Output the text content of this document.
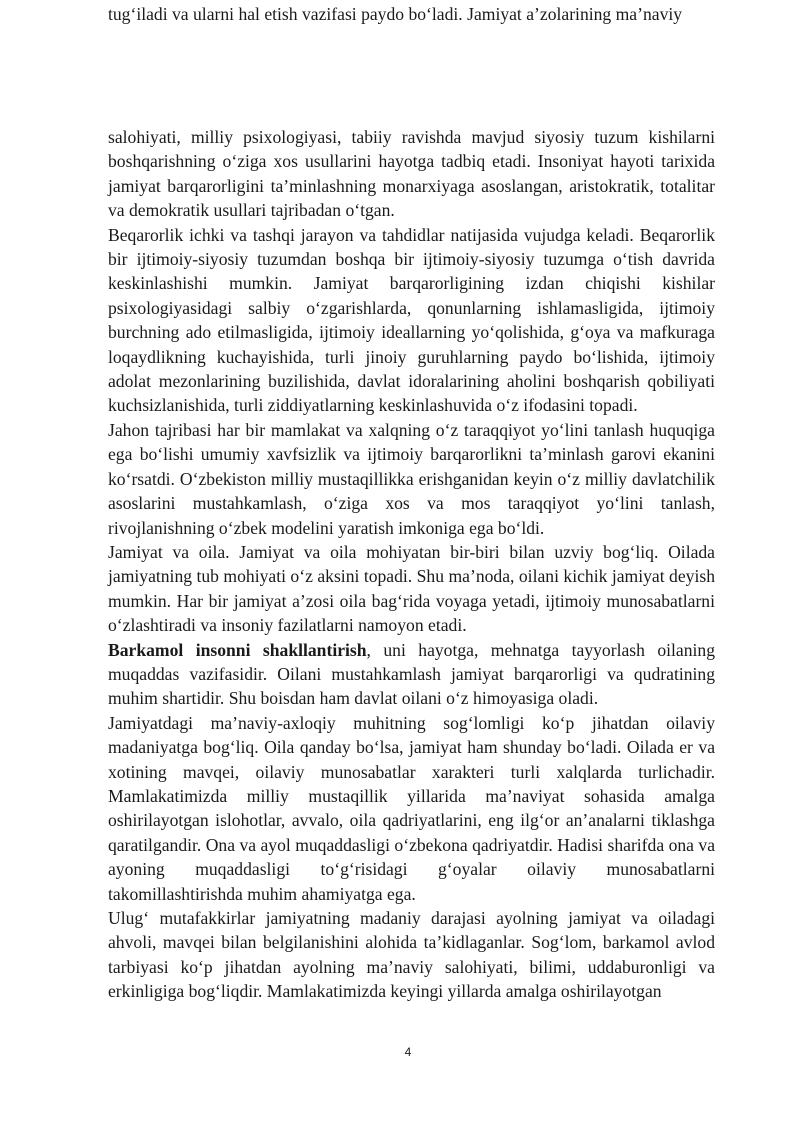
tug‘iladi va ularni hal etish vazifasi paydo bo‘ladi. Jamiyat a’zolarining ma’naviy

salohiyati, milliy psixologiyasi, tabiiy ravishda mavjud siyosiy tuzum kishilarni boshqarishning o‘ziga xos usullarini hayotga tadbiq etadi. Insoniyat hayoti tarixida jamiyat barqarorligini ta’minlashning monarxiyaga asoslangan, aristokratik, totalitar va demokratik usullari tajribadan o‘tgan.

Beqarorlik ichki va tashqi jarayon va tahdidlar natijasida vujudga keladi. Beqarorlik bir ijtimoiy-siyosiy tuzumdan boshqa bir ijtimoiy-siyosiy tuzumga o‘tish davrida keskinlashishi mumkin. Jamiyat barqarorligining izdan chiqishi kishilar psixologiyasidagi salbiy o‘zgarishlarda, qonunlarning ishlamasligida, ijtimoiy burchning ado etilmasligida, ijtimoiy ideallarning yo‘qolishida, g‘oya va mafkuraga loqaydlikning kuchayishida, turli jinoiy guruhlarning paydo bo‘lishida, ijtimoiy adolat mezonlarining buzilishida, davlat idoralarining aholini boshqarish qobiliyati kuchsizlanishida, turli ziddiyatlarning keskinlashuvida o‘z ifodasini topadi.

Jahon tajribasi har bir mamlakat va xalqning o‘z taraqqiyot yo‘lini tanlash huquqiga ega bo‘lishi umumiy xavfsizlik va ijtimoiy barqarorlikni ta’minlash garovi ekanini ko‘rsatdi. O‘zbekiston milliy mustaqillikka erishganidan keyin o‘z milliy davlatchilik asoslarini mustahkamlash, o‘ziga xos va mos taraqqiyot yo‘lini tanlash, rivojlanishning o‘zbek modelini yaratish imkoniga ega bo‘ldi.

Jamiyat va oila. Jamiyat va oila mohiyatan bir-biri bilan uzviy bog‘liq. Oilada jamiyatning tub mohiyati o‘z aksini topadi. Shu ma’noda, oilani kichik jamiyat deyish mumkin. Har bir jamiyat a’zosi oila bag‘rida voyaga yetadi, ijtimoiy munosabatlarni o‘zlashtiradi va insoniy fazilatlarni namoyon etadi.

Barkamol insonni shakllantirish, uni hayotga, mehnatga tayyorlash oilaning muqaddas vazifasidir. Oilani mustahkamlash jamiyat barqarorligi va qudratining muhim shartidir. Shu boisdan ham davlat oilani o‘z himoyasiga oladi.

Jamiyatdagi ma’naviy-axloqiy muhitning sog‘lomligi ko‘p jihatdan oilaviy madaniyatga bog‘liq. Oila qanday bo‘lsa, jamiyat ham shunday bo‘ladi. Oilada er va xotining mavqei, oilaviy munosabatlar xarakteri turli xalqlarda turlichadir. Mamlakatimizda milliy mustaqillik yillarida ma’naviyat sohasida amalga oshirilayotgan islohotlar, avvalo, oila qadriyatlarini, eng ilg‘or an’analarni tiklashga qaratilgandir. Ona va ayol muqaddasligi o‘zbekona qadriyatdir. Hadisi sharifda ona va ayoning muqaddasligi to‘g‘risidagi g‘oyalar oilaviy munosabatlarni takomillashtirishda muhim ahamiyatga ega.

Ulug‘ mutafakkirlar jamiyatning madaniy darajasi ayolning jamiyat va oiladagi ahvoli, mavqei bilan belgilanishini alohida ta’kidlaganlar. Sog‘lom, barkamol avlod tarbiyasi ko‘p jihatdan ayolning ma’naviy salohiyati, bilimi, uddaburonligi va erkinligiga bog‘liqdir. Mamlakatimizda keyingi yillarda amalga oshirilayotgan

4
